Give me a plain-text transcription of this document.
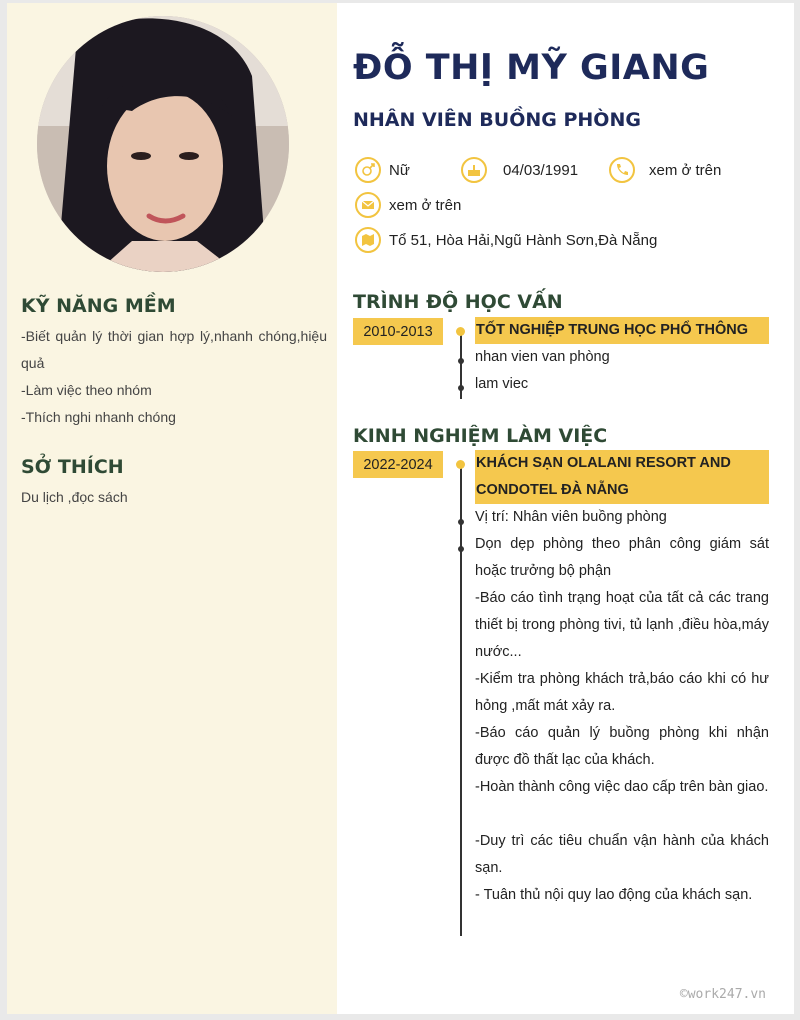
KỸ NĂNG MỀM
-Biết quản lý thời gian hợp lý,nhanh chóng,hiệu quả
-Làm việc theo nhóm
-Thích nghi nhanh chóng
SỞ THÍCH
Du lịch ,đọc sách
ĐỖ THỊ MỸ GIANG
NHÂN VIÊN BUỒNG PHÒNG
Nữ	04/03/1991	xem ở trên
xem ở trên
Tổ 51, Hòa Hải,Ngũ Hành Sơn,Đà Nẵng
TRÌNH ĐỘ HỌC VẤN
2010-2013	TỐT NGHIỆP TRUNG HỌC PHỔ THÔNG
nhan vien van phòng
lam viec
KINH NGHIỆM LÀM VIỆC
2022-2024	KHÁCH SẠN OLALANI RESORT AND CONDOTEL ĐÀ NẴNG
Vị trí: Nhân viên buồng phòng
Dọn dẹp phòng theo phân công giám sát hoặc trưởng bộ phận
-Báo cáo tình trạng hoạt của tất cả các trang thiết bị trong phòng tivi, tủ lạnh ,điều hòa,máy nước...
-Kiểm tra phòng khách trả,báo cáo khi có hư hỏng ,mất mát xảy ra.
-Báo cáo quản lý buồng phòng khi nhận được đồ thất lạc của khách.
-Hoàn thành công việc dao cấp trên bàn giao.
-Duy trì các tiêu chuẩn vận hành của khách sạn.
- Tuân thủ nội quy lao động của khách sạn.
©work247.vn
